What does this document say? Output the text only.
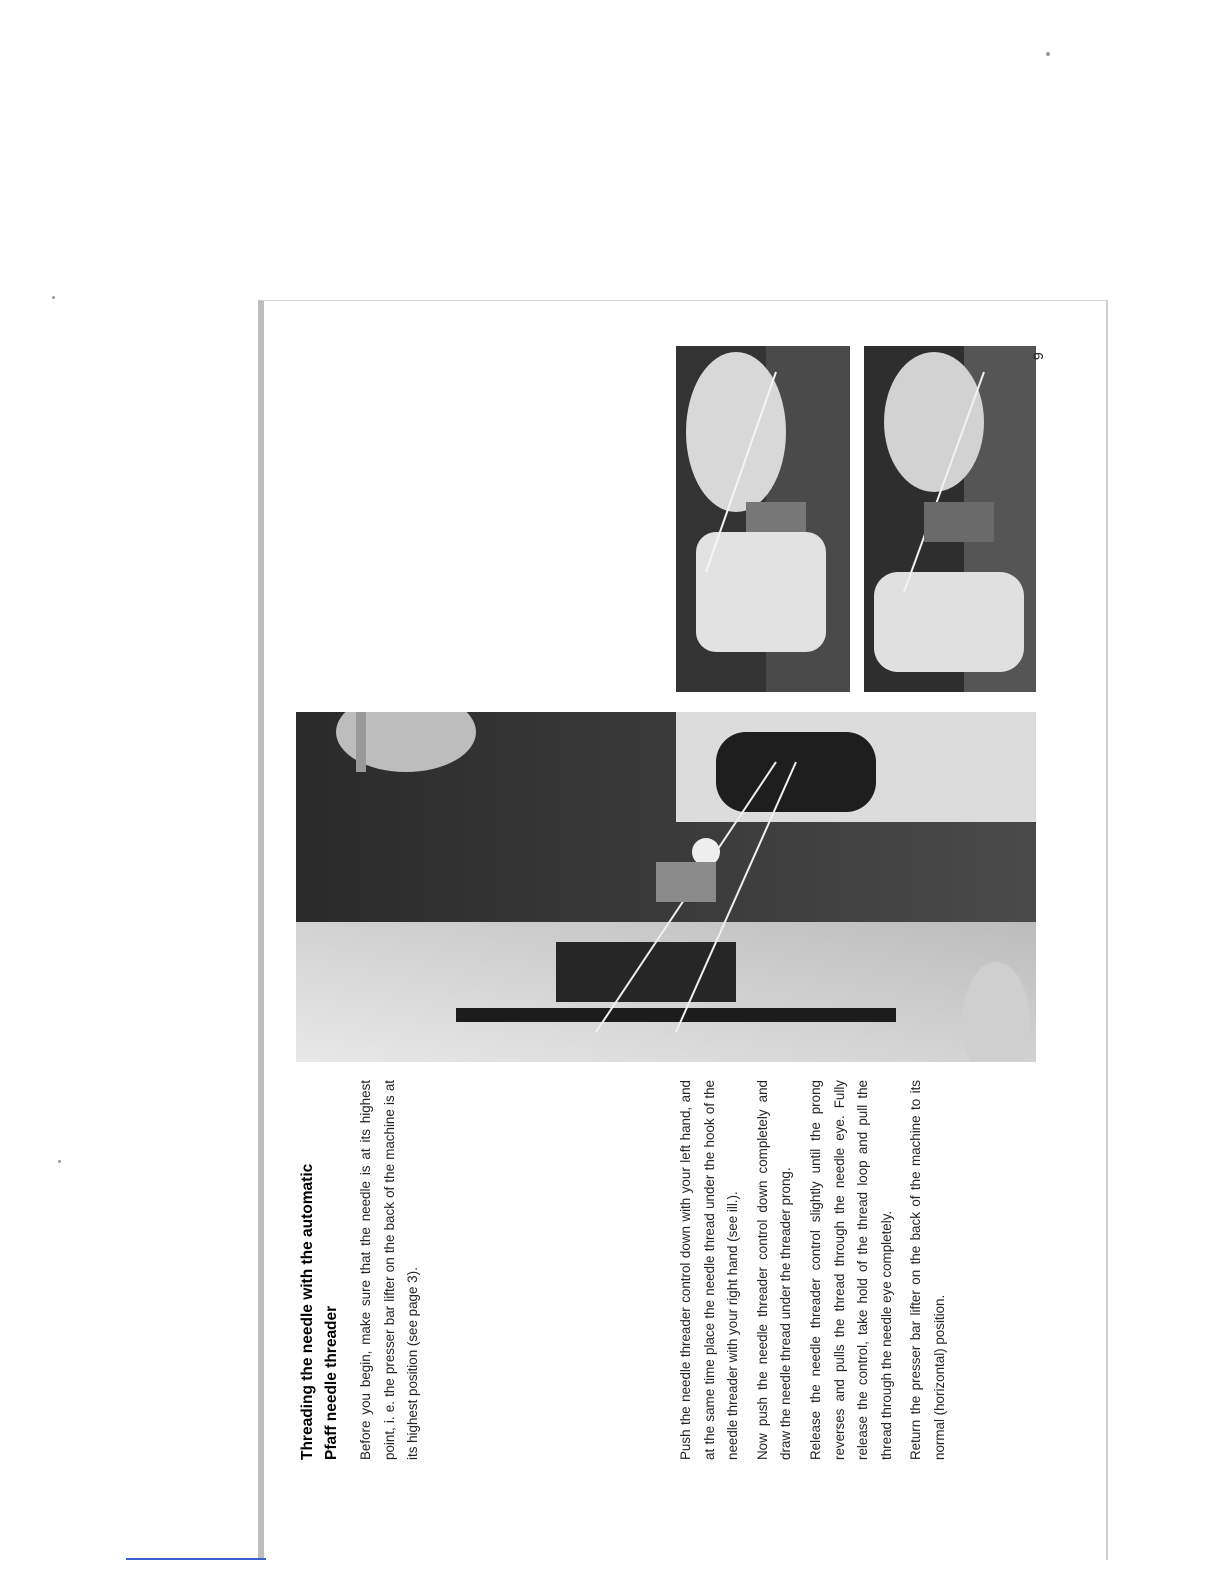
Threading the needle with the automatic Pfaff needle threader Before you begin, make sure that the needle is at its highest point, i. e. the presser bar lifter on the back of the machine is at its highest position (see page 3).	Push the needle threader control down with your left hand, and at the same time place the needle thread under the hook of the needle threader with your right hand (see ill.).	Now push the needle threader control down completely and draw the needle thread under the threader prong.	Release the needle threader control slightly until the prong reverses and pulls the thread through the needle eye. Fully release the control, take hold of the thread loop and pull the thread through the needle eye completely.	Return the presser bar lifter on the back of the machine to its normal (horizontal) position.

9
